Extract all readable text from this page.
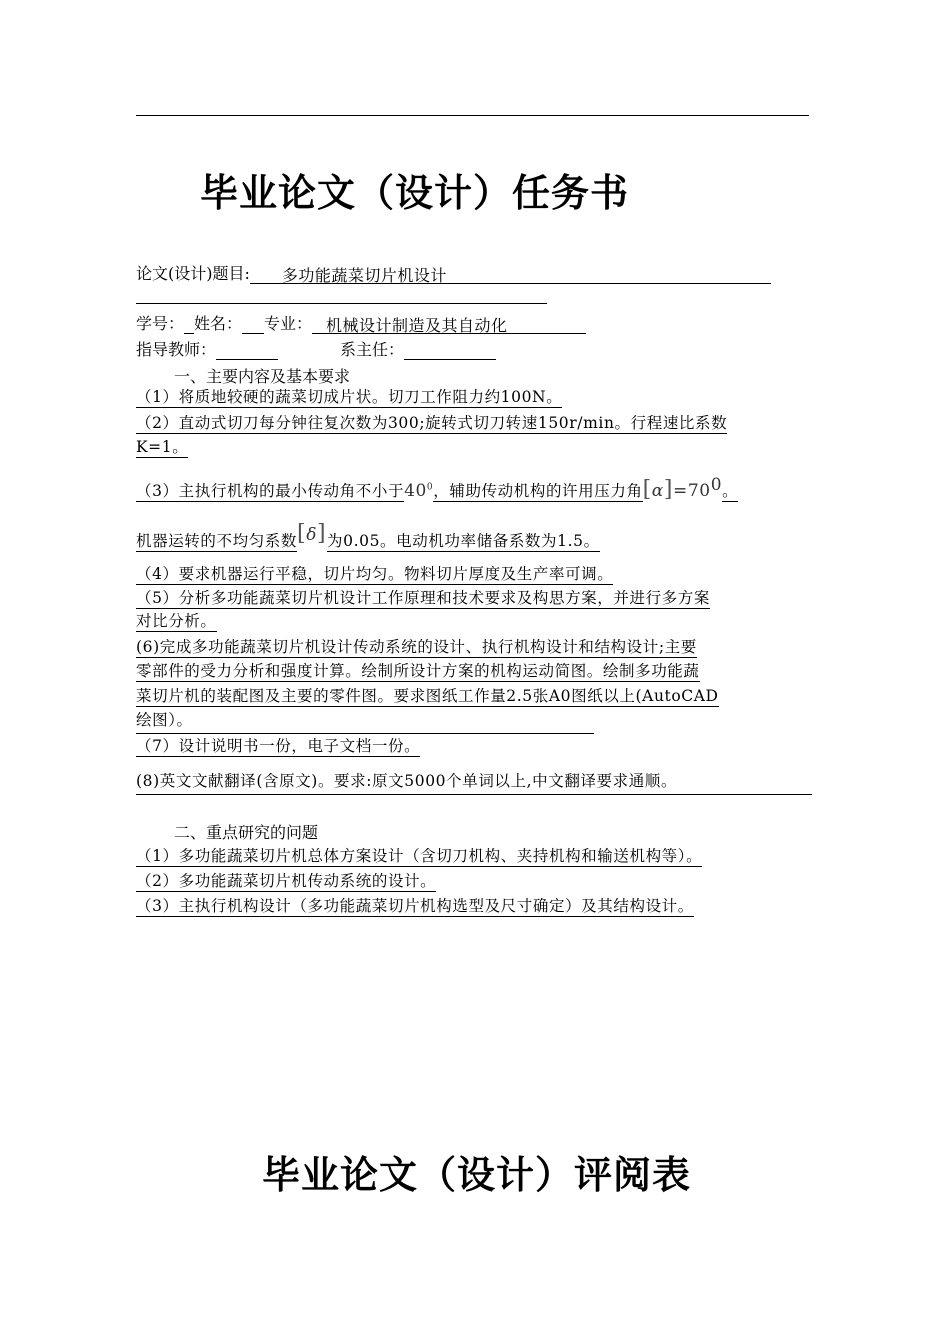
毕业论文（设计）任务书
论文(设计)题目: 多功能蔬菜切片机设计
学号： 姓名： 专业： 机械设计制造及其自动化
指导教师：	系主任：
一、主要内容及基本要求
（1）将质地较硬的蔬菜切成片状。切刀工作阻力约100N。
（2）直动式切刀每分钟往复次数为300;旋转式切刀转速150r/min。行程速比系数
K=1。
（3）主执行机构的最小传动角不小于$40^0$，辅助传动机构的许用压力角$[\alpha]=70^0$。
机器运转的不均匀系数 [δ] 为0.05。电动机功率储备系数为1.5。
（4）要求机器运行平稳，切片均匀。物料切片厚度及生产率可调。
（5）分析多功能蔬菜切片机设计工作原理和技术要求及构思方案，并进行多方案
对比分析。
(6)完成多功能蔬菜切片机设计传动系统的设计、执行机构设计和结构设计;主要
零部件的受力分析和强度计算。绘制所设计方案的机构运动简图。绘制多功能蔬
菜切片机的装配图及主要的零件图。要求图纸工作量2.5张A0图纸以上(AutoCAD
绘图）。
（7）设计说明书一份，电子文档一份。
(8)英文文献翻译(含原文)。要求:原文5000个单词以上,中文翻译要求通顺。
二、重点研究的问题
（1）多功能蔬菜切片机总体方案设计（含切刀机构、夹持机构和输送机构等）。
（2）多功能蔬菜切片机传动系统的设计。
（3）主执行机构设计（多功能蔬菜切片机构选型及尺寸确定）及其结构设计。
毕业论文（设计）评阅表
